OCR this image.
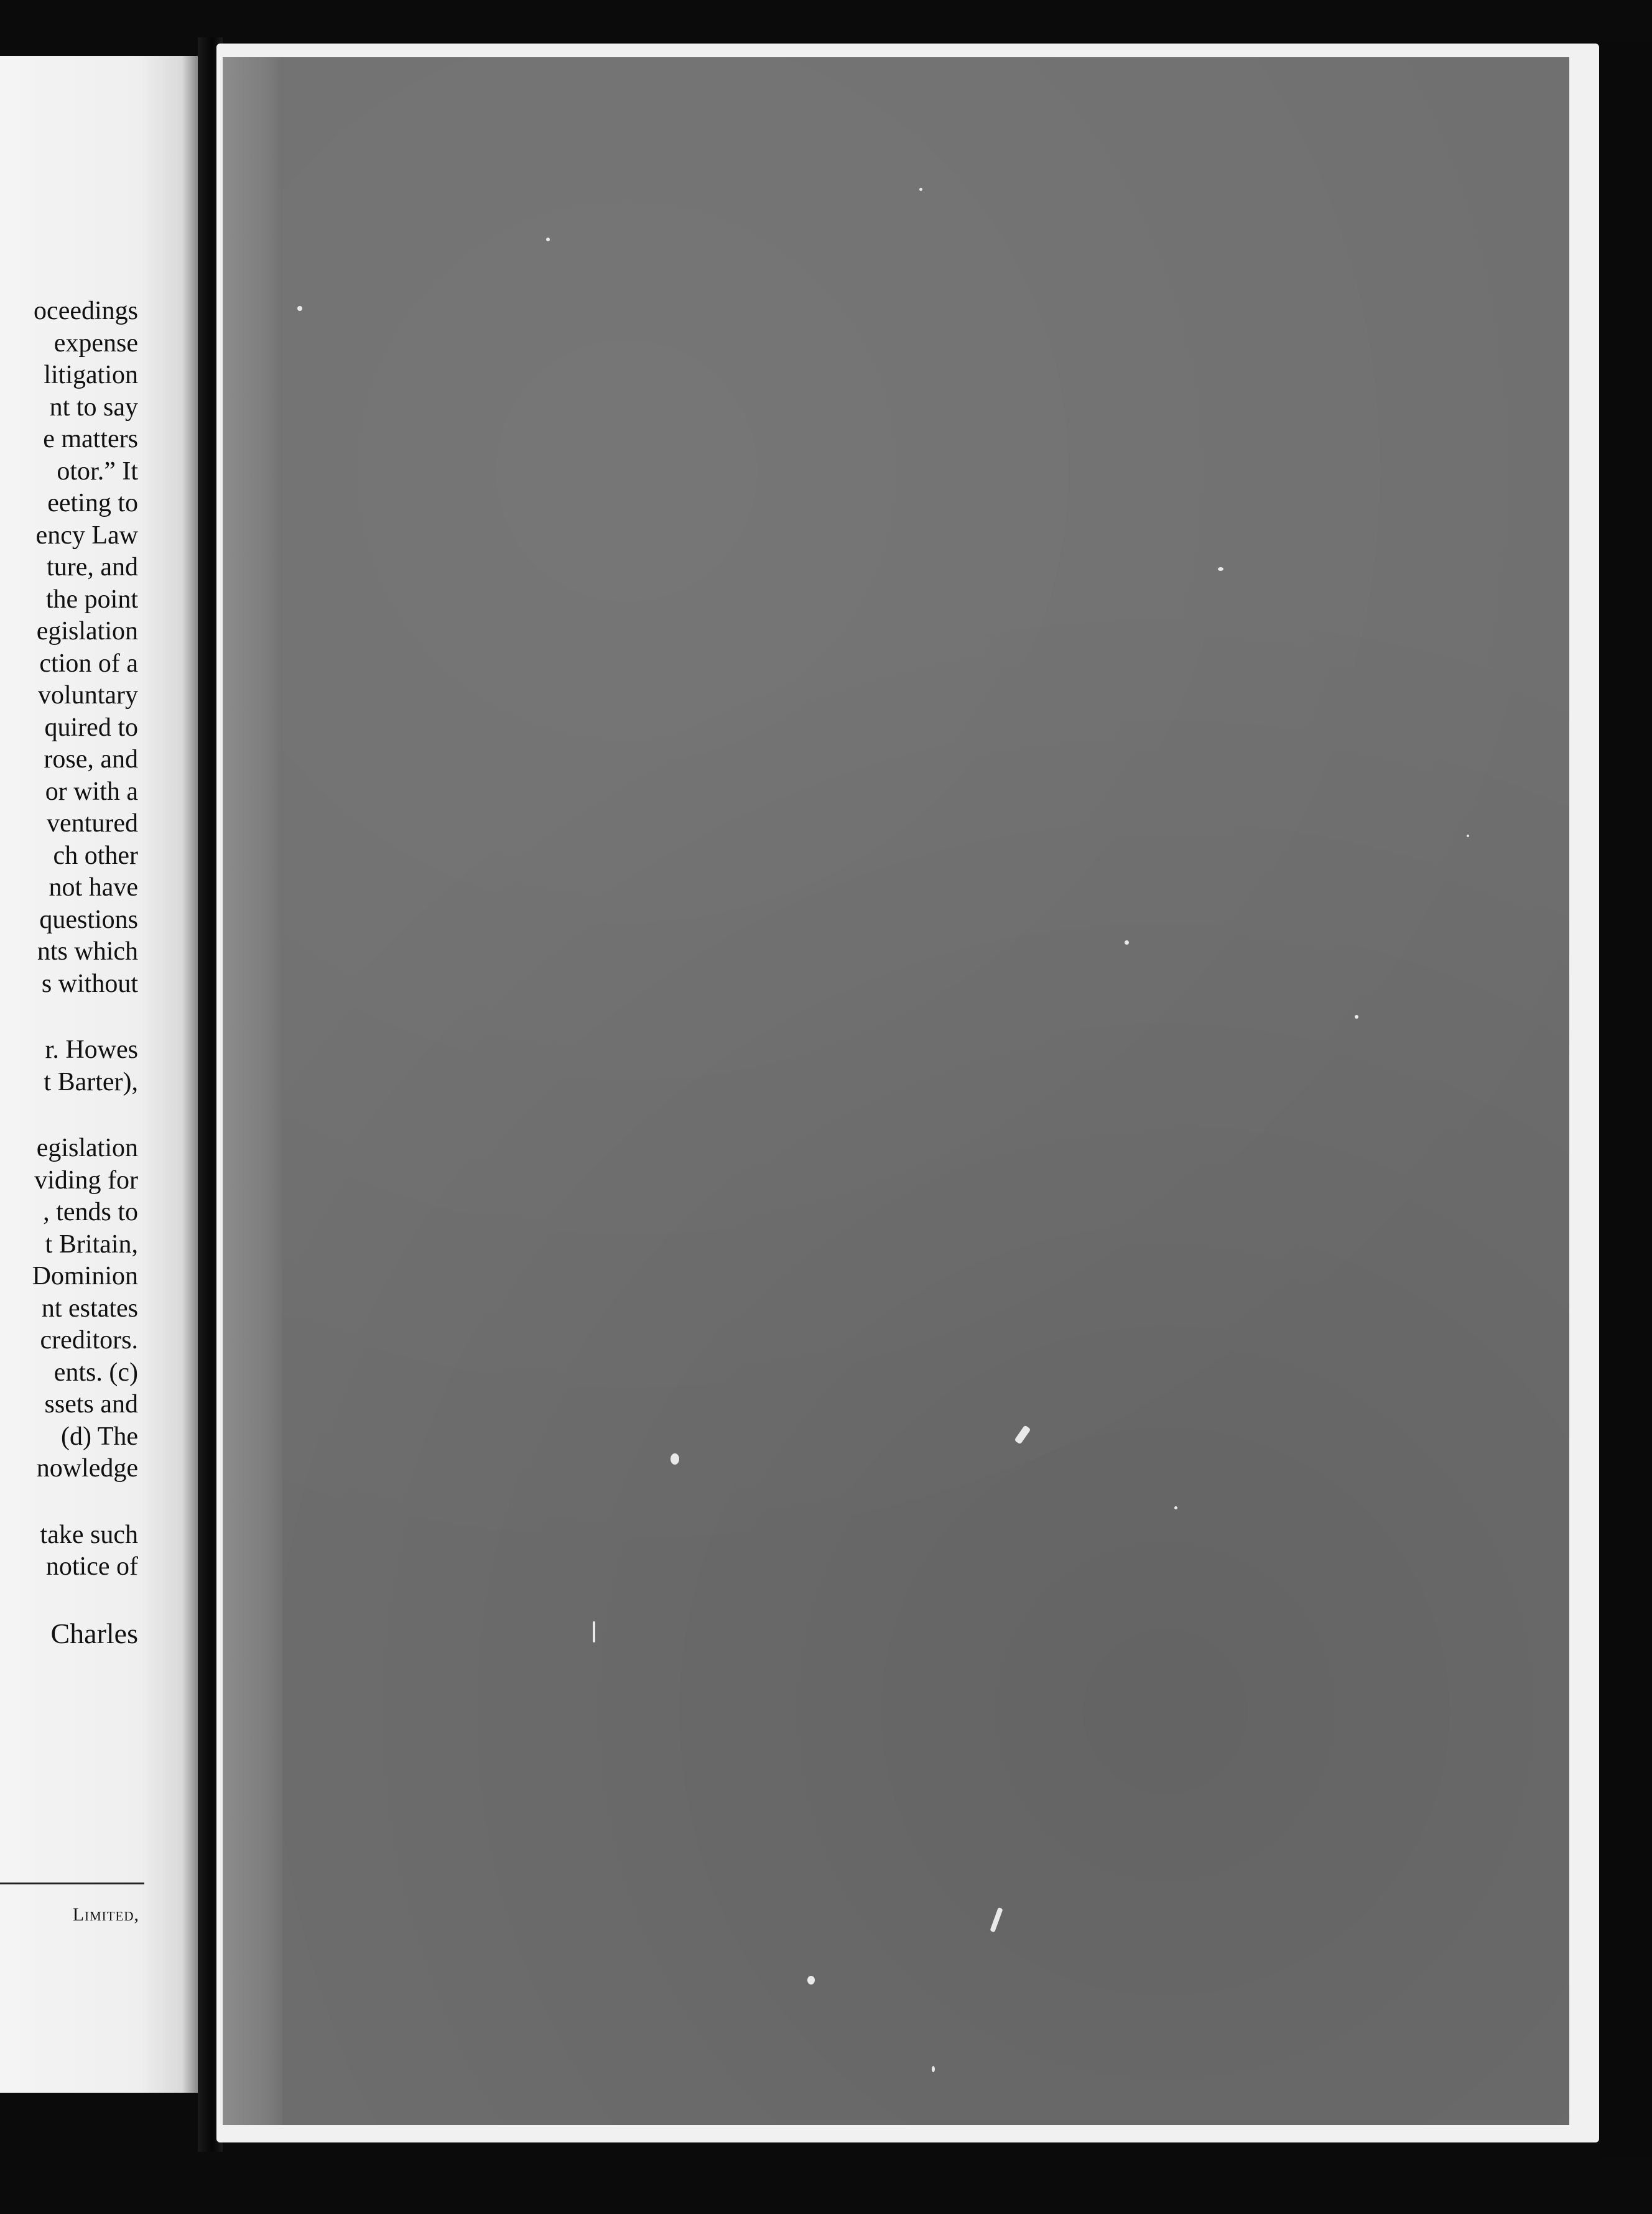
oceedings
expense
litigation
nt to say
e matters
otor.” It
eeting to
ency Law
ture, and
the point
egislation
ction of a
voluntary
quired to
rose, and
or with a
ventured
ch other
not have
questions
nts which
s without
r. Howes
t Barter),
egislation
viding for
, tends to
t Britain,
Dominion
nt estates
creditors.
ents. (c)
ssets and
(d) The
nowledge
take such
notice of
Charles
Limited,
